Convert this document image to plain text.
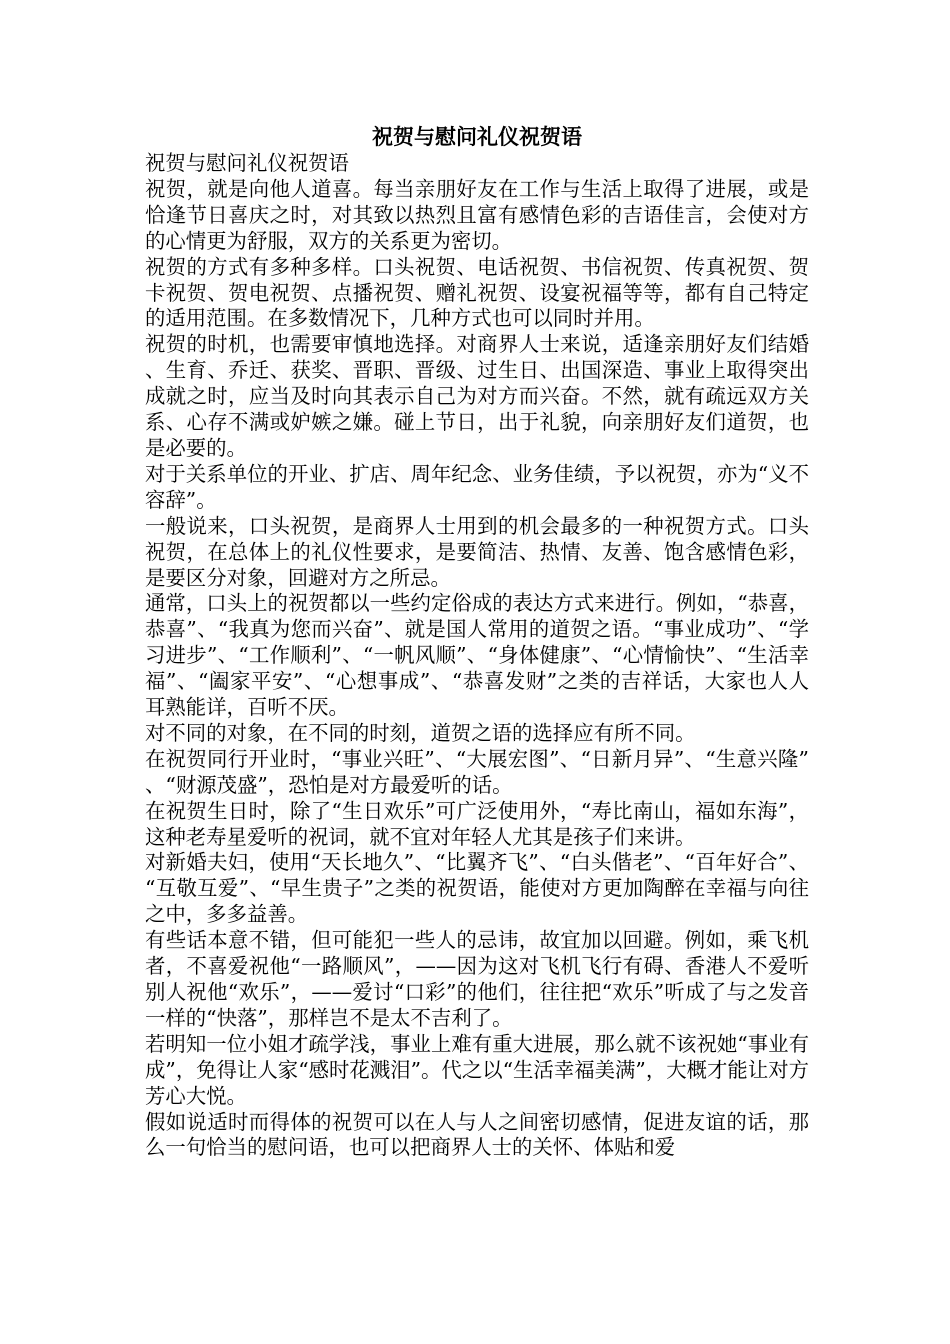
祝贺与慰问礼仪祝贺语

祝贺与慰问礼仪祝贺语

祝贺，就是向他人道喜。每当亲朋好友在工作与生活上取得了进展，或是恰逢节日喜庆之时，对其致以热烈且富有感情色彩的吉语佳言，会使对方的心情更为舒服，双方的关系更为密切。

祝贺的方式有多种多样。口头祝贺、电话祝贺、书信祝贺、传真祝贺、贺卡祝贺、贺电祝贺、点播祝贺、赠礼祝贺、设宴祝福等等，都有自己特定的适用范围。在多数情况下，几种方式也可以同时并用。

祝贺的时机，也需要审慎地选择。对商界人士来说，适逢亲朋好友们结婚、生育、乔迁、获奖、晋职、晋级、过生日、出国深造、事业上取得突出成就之时，应当及时向其表示自己为对方而兴奋。不然，就有疏远双方关系、心存不满或妒嫉之嫌。碰上节日，出于礼貌，向亲朋好友们道贺，也是必要的。

对于关系单位的开业、扩店、周年纪念、业务佳绩，予以祝贺，亦为“义不容辞”。

一般说来，口头祝贺，是商界人士用到的机会最多的一种祝贺方式。口头祝贺，在总体上的礼仪性要求，是要简洁、热情、友善、饱含感情色彩，是要区分对象，回避对方之所忌。

通常，口头上的祝贺都以一些约定俗成的表达方式来进行。例如，“恭喜，恭喜”、“我真为您而兴奋”、就是国人常用的道贺之语。“事业成功”、“学习进步”、“工作顺利”、“一帆风顺”、“身体健康”、“心情愉快”、“生活幸福”、“阖家平安”、“心想事成”、“恭喜发财”之类的吉祥话，大家也人人耳熟能详，百听不厌。

对不同的对象，在不同的时刻，道贺之语的选择应有所不同。

在祝贺同行开业时，“事业兴旺”、“大展宏图”、“日新月异”、“生意兴隆”、“财源茂盛”，恐怕是对方最爱听的话。

在祝贺生日时，除了“生日欢乐”可广泛使用外，“寿比南山，福如东海”，这种老寿星爱听的祝词，就不宜对年轻人尤其是孩子们来讲。

对新婚夫妇，使用“天长地久”、“比翼齐飞”、“白头偕老”、“百年好合”、“互敬互爱”、“早生贵子”之类的祝贺语，能使对方更加陶醉在幸福与向往之中，多多益善。

有些话本意不错，但可能犯一些人的忌讳，故宜加以回避。例如，乘飞机者，不喜爱祝他“一路顺风”，——因为这对飞机飞行有碍、香港人不爱听别人祝他“欢乐”，——爱讨“口彩”的他们，往往把“欢乐”听成了与之发音一样的“快落”，那样岂不是太不吉利了。

若明知一位小姐才疏学浅，事业上难有重大进展，那么就不该祝她“事业有成”，免得让人家“感时花溅泪”。代之以“生活幸福美满”，大概才能让对方芳心大悦。

假如说适时而得体的祝贺可以在人与人之间密切感情，促进友谊的话，那么一句恰当的慰问语，也可以把商界人士的关怀、体贴和爱
